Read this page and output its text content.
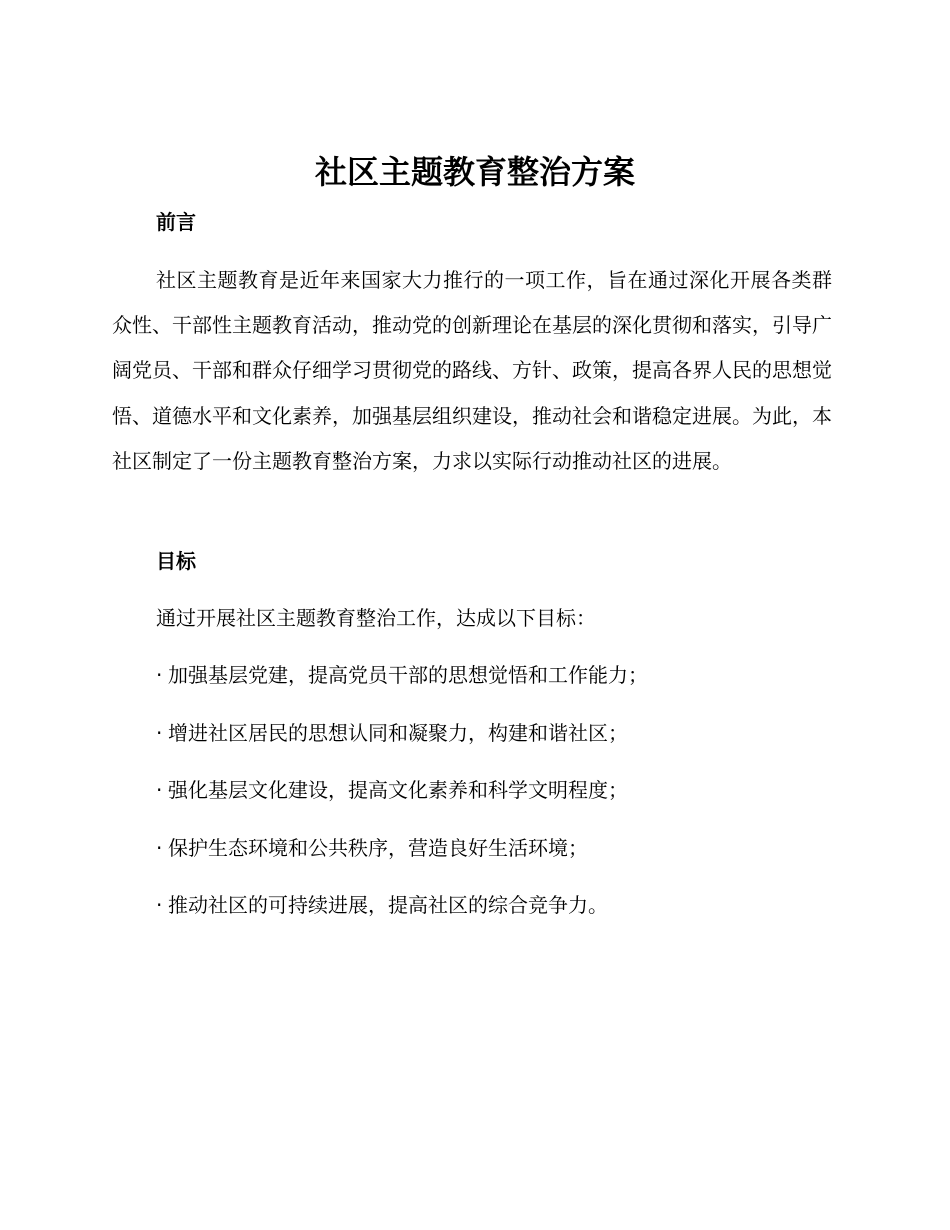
社区主题教育整治方案
前言
社区主题教育是近年来国家大力推行的一项工作，旨在通过深化开展各类群众性、干部性主题教育活动，推动党的创新理论在基层的深化贯彻和落实，引导广阔党员、干部和群众仔细学习贯彻党的路线、方针、政策，提高各界人民的思想觉悟、道德水平和文化素养，加强基层组织建设，推动社会和谐稳定进展。为此，本社区制定了一份主题教育整治方案，力求以实际行动推动社区的进展。
目标
通过开展社区主题教育整治工作，达成以下目标：
· 加强基层党建，提高党员干部的思想觉悟和工作能力；
· 增进社区居民的思想认同和凝聚力，构建和谐社区；
· 强化基层文化建设，提高文化素养和科学文明程度；
· 保护生态环境和公共秩序，营造良好生活环境；
· 推动社区的可持续进展，提高社区的综合竞争力。
